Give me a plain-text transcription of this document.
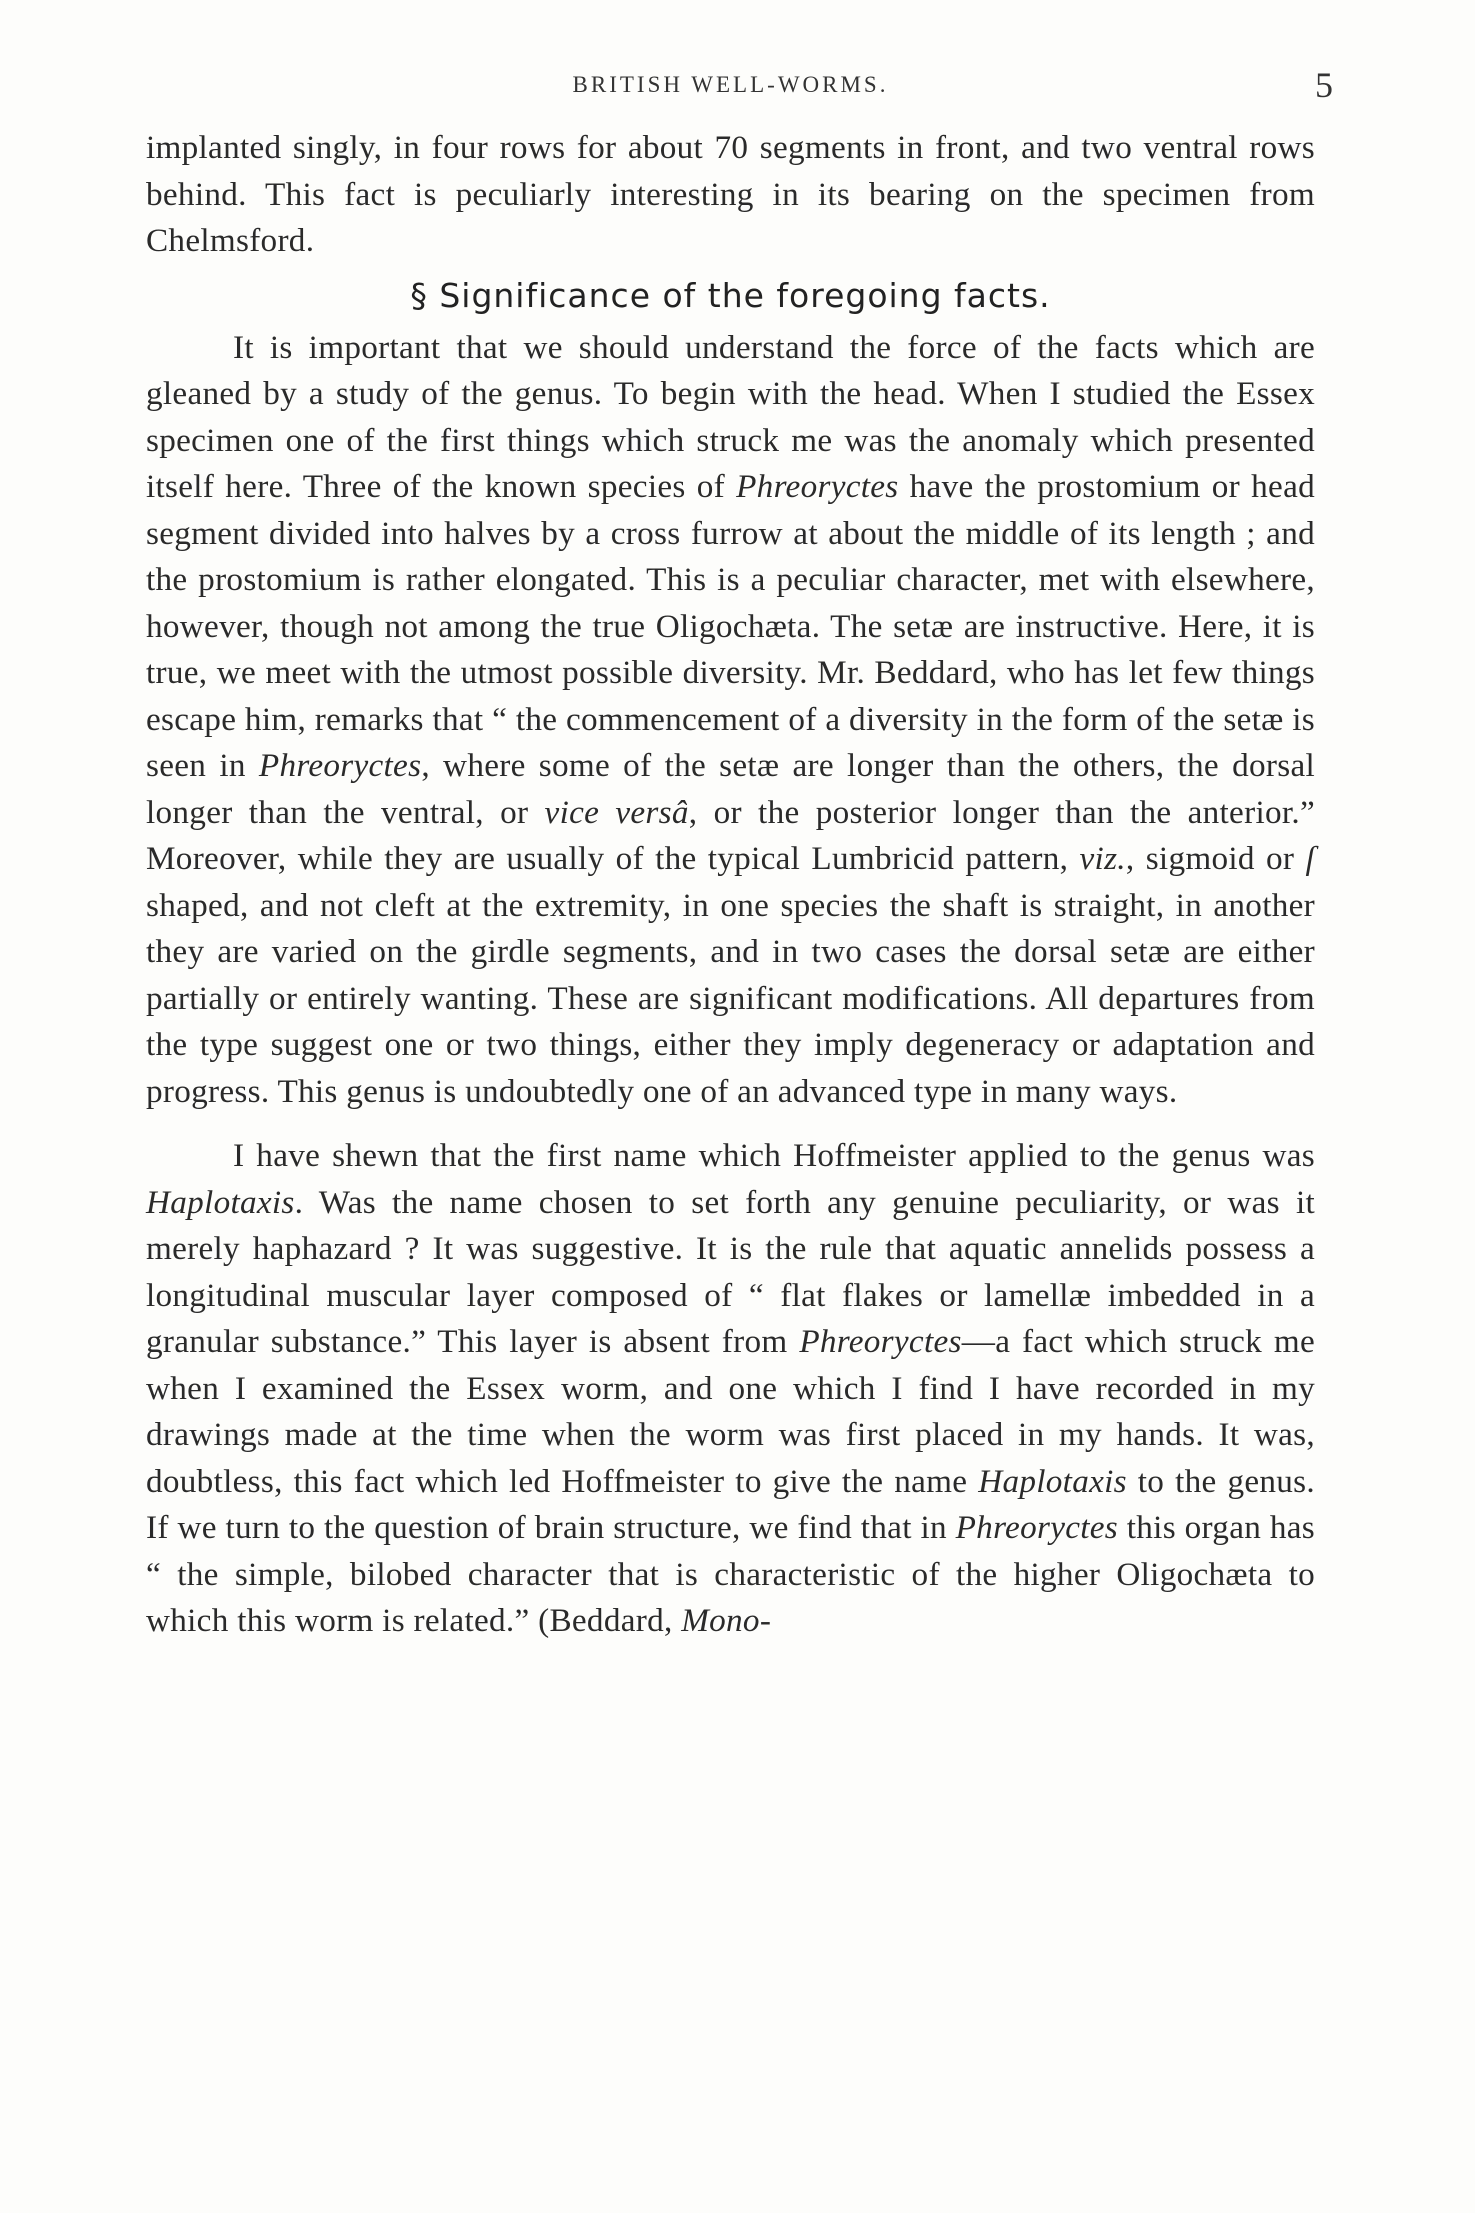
BRITISH WELL-WORMS.	5

implanted singly, in four rows for about 70 segments in front, and two ventral rows behind. This fact is peculiarly interesting in its bearing on the specimen from Chelmsford.

§ Significance of the foregoing facts.

It is important that we should understand the force of the facts which are gleaned by a study of the genus. To begin with the head. When I studied the Essex specimen one of the first things which struck me was the anomaly which presented itself here. Three of the known species of Phreoryctes have the prostomium or head segment divided into halves by a cross furrow at about the middle of its length ; and the prostomium is rather elongated. This is a peculiar character, met with elsewhere, however, though not among the true Oligochæta. The setæ are instructive. Here, it is true, we meet with the utmost possible diversity. Mr. Beddard, who has let few things escape him, remarks that “ the commencement of a diversity in the form of the setæ is seen in Phreoryctes, where some of the setæ are longer than the others, the dorsal longer than the ventral, or vice versâ, or the posterior longer than the anterior.” Moreover, while they are usually of the typical Lumbricid pattern, viz., sigmoid or ſ shaped, and not cleft at the extremity, in one species the shaft is straight, in another they are varied on the girdle segments, and in two cases the dorsal setæ are either partially or entirely wanting. These are significant modifications. All departures from the type suggest one or two things, either they imply degeneracy or adaptation and progress. This genus is undoubtedly one of an advanced type in many ways.

I have shewn that the first name which Hoffmeister applied to the genus was Haplotaxis. Was the name chosen to set forth any genuine peculiarity, or was it merely haphazard ? It was suggestive. It is the rule that aquatic annelids possess a longitudinal muscular layer composed of “ flat flakes or lamellæ imbedded in a granular substance.” This layer is absent from Phreoryctes—a fact which struck me when I examined the Essex worm, and one which I find I have recorded in my drawings made at the time when the worm was first placed in my hands. It was, doubtless, this fact which led Hoffmeister to give the name Haplotaxis to the genus. If we turn to the question of brain structure, we find that in Phreoryctes this organ has “ the simple, bilobed character that is characteristic of the higher Oligochæta to which this worm is related.” (Beddard, Mono-
